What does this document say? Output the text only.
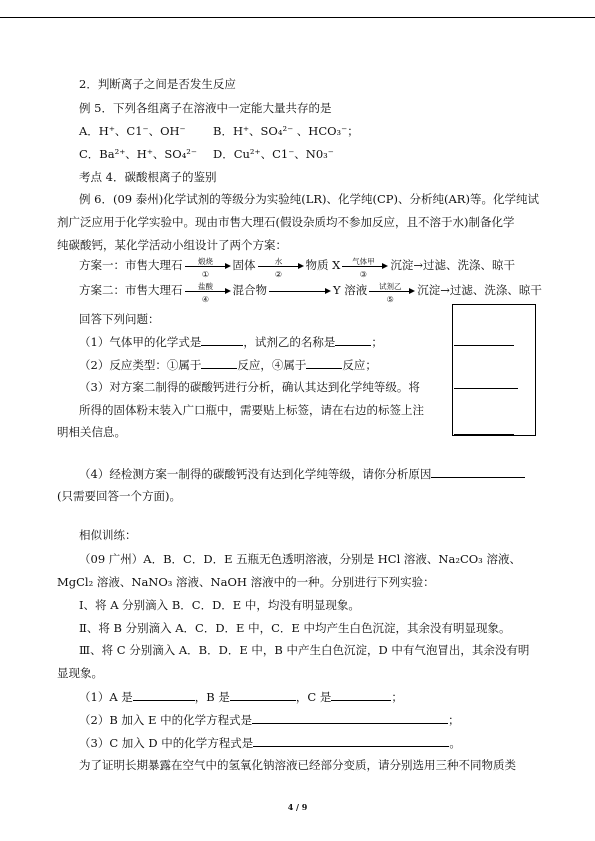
2．判断离子之间是否发生反应
例 5．下列各组离子在溶液中一定能大量共存的是
A．H⁺、C1⁻、OH⁻ B．H⁺、SO₄²⁻ 、HCO₃⁻；
C．Ba²⁺、H⁺、SO₄²⁻ D．Cu²⁺、C1⁻、N0₃⁻
考点 4．碳酸根离子的鉴别
例 6．(09 泰州)化学试剂的等级分为实验纯(LR)、化学纯(CP)、分析纯(AR)等。化学纯试
剂广泛应用于化学实验中。现由市售大理石(假设杂质均不参加反应，且不溶于水)制备化学
纯碳酸钙，某化学活动小组设计了两个方案：
方案一：市售大理石	煅烧
①
固体	水
②
物质 X	气体甲
③
沉淀→过滤、洗涤、晾干
方案二：市售大理石	盐酸
④
混合物	Y 溶液	试剂乙
⑤
沉淀→过滤、洗涤、晾干
回答下列问题：
（1）气体甲的化学式是	，试剂乙的名称是	；
（2）反应类型：①属于	反应，④属于	反应；
（3）对方案二制得的碳酸钙进行分析，确认其达到化学纯等级。将
所得的固体粉末装入广口瓶中，需要贴上标签，请在右边的标签上注
明相关信息。
（4）经检测方案一制得的碳酸钙没有达到化学纯等级，请你分析原因
(只需要回答一个方面)。
相似训练：
（09 广州）A．B．C．D．E 五瓶无色透明溶液，分别是 HCl 溶液、Na₂CO₃ 溶液、
MgCl₂ 溶液、NaNO₃ 溶液、NaOH 溶液中的一种。分别进行下列实验：
Ⅰ、将 A 分别滴入 B．C．D．E 中，均没有明显现象。
Ⅱ、将 B 分别滴入 A．C．D．E 中，C．E 中均产生白色沉淀，其余没有明显现象。
Ⅲ、将 C 分别滴入 A．B．D．E 中，B 中产生白色沉淀，D 中有气泡冒出，其余没有明
显现象。
（1）A 是	，B 是	，C 是	；
（2）B 加入 E 中的化学方程式是	；
（3）C 加入 D 中的化学方程式是	。
为了证明长期暴露在空气中的氢氧化钠溶液已经部分变质，请分别选用三种不同物质类
4 / 9
